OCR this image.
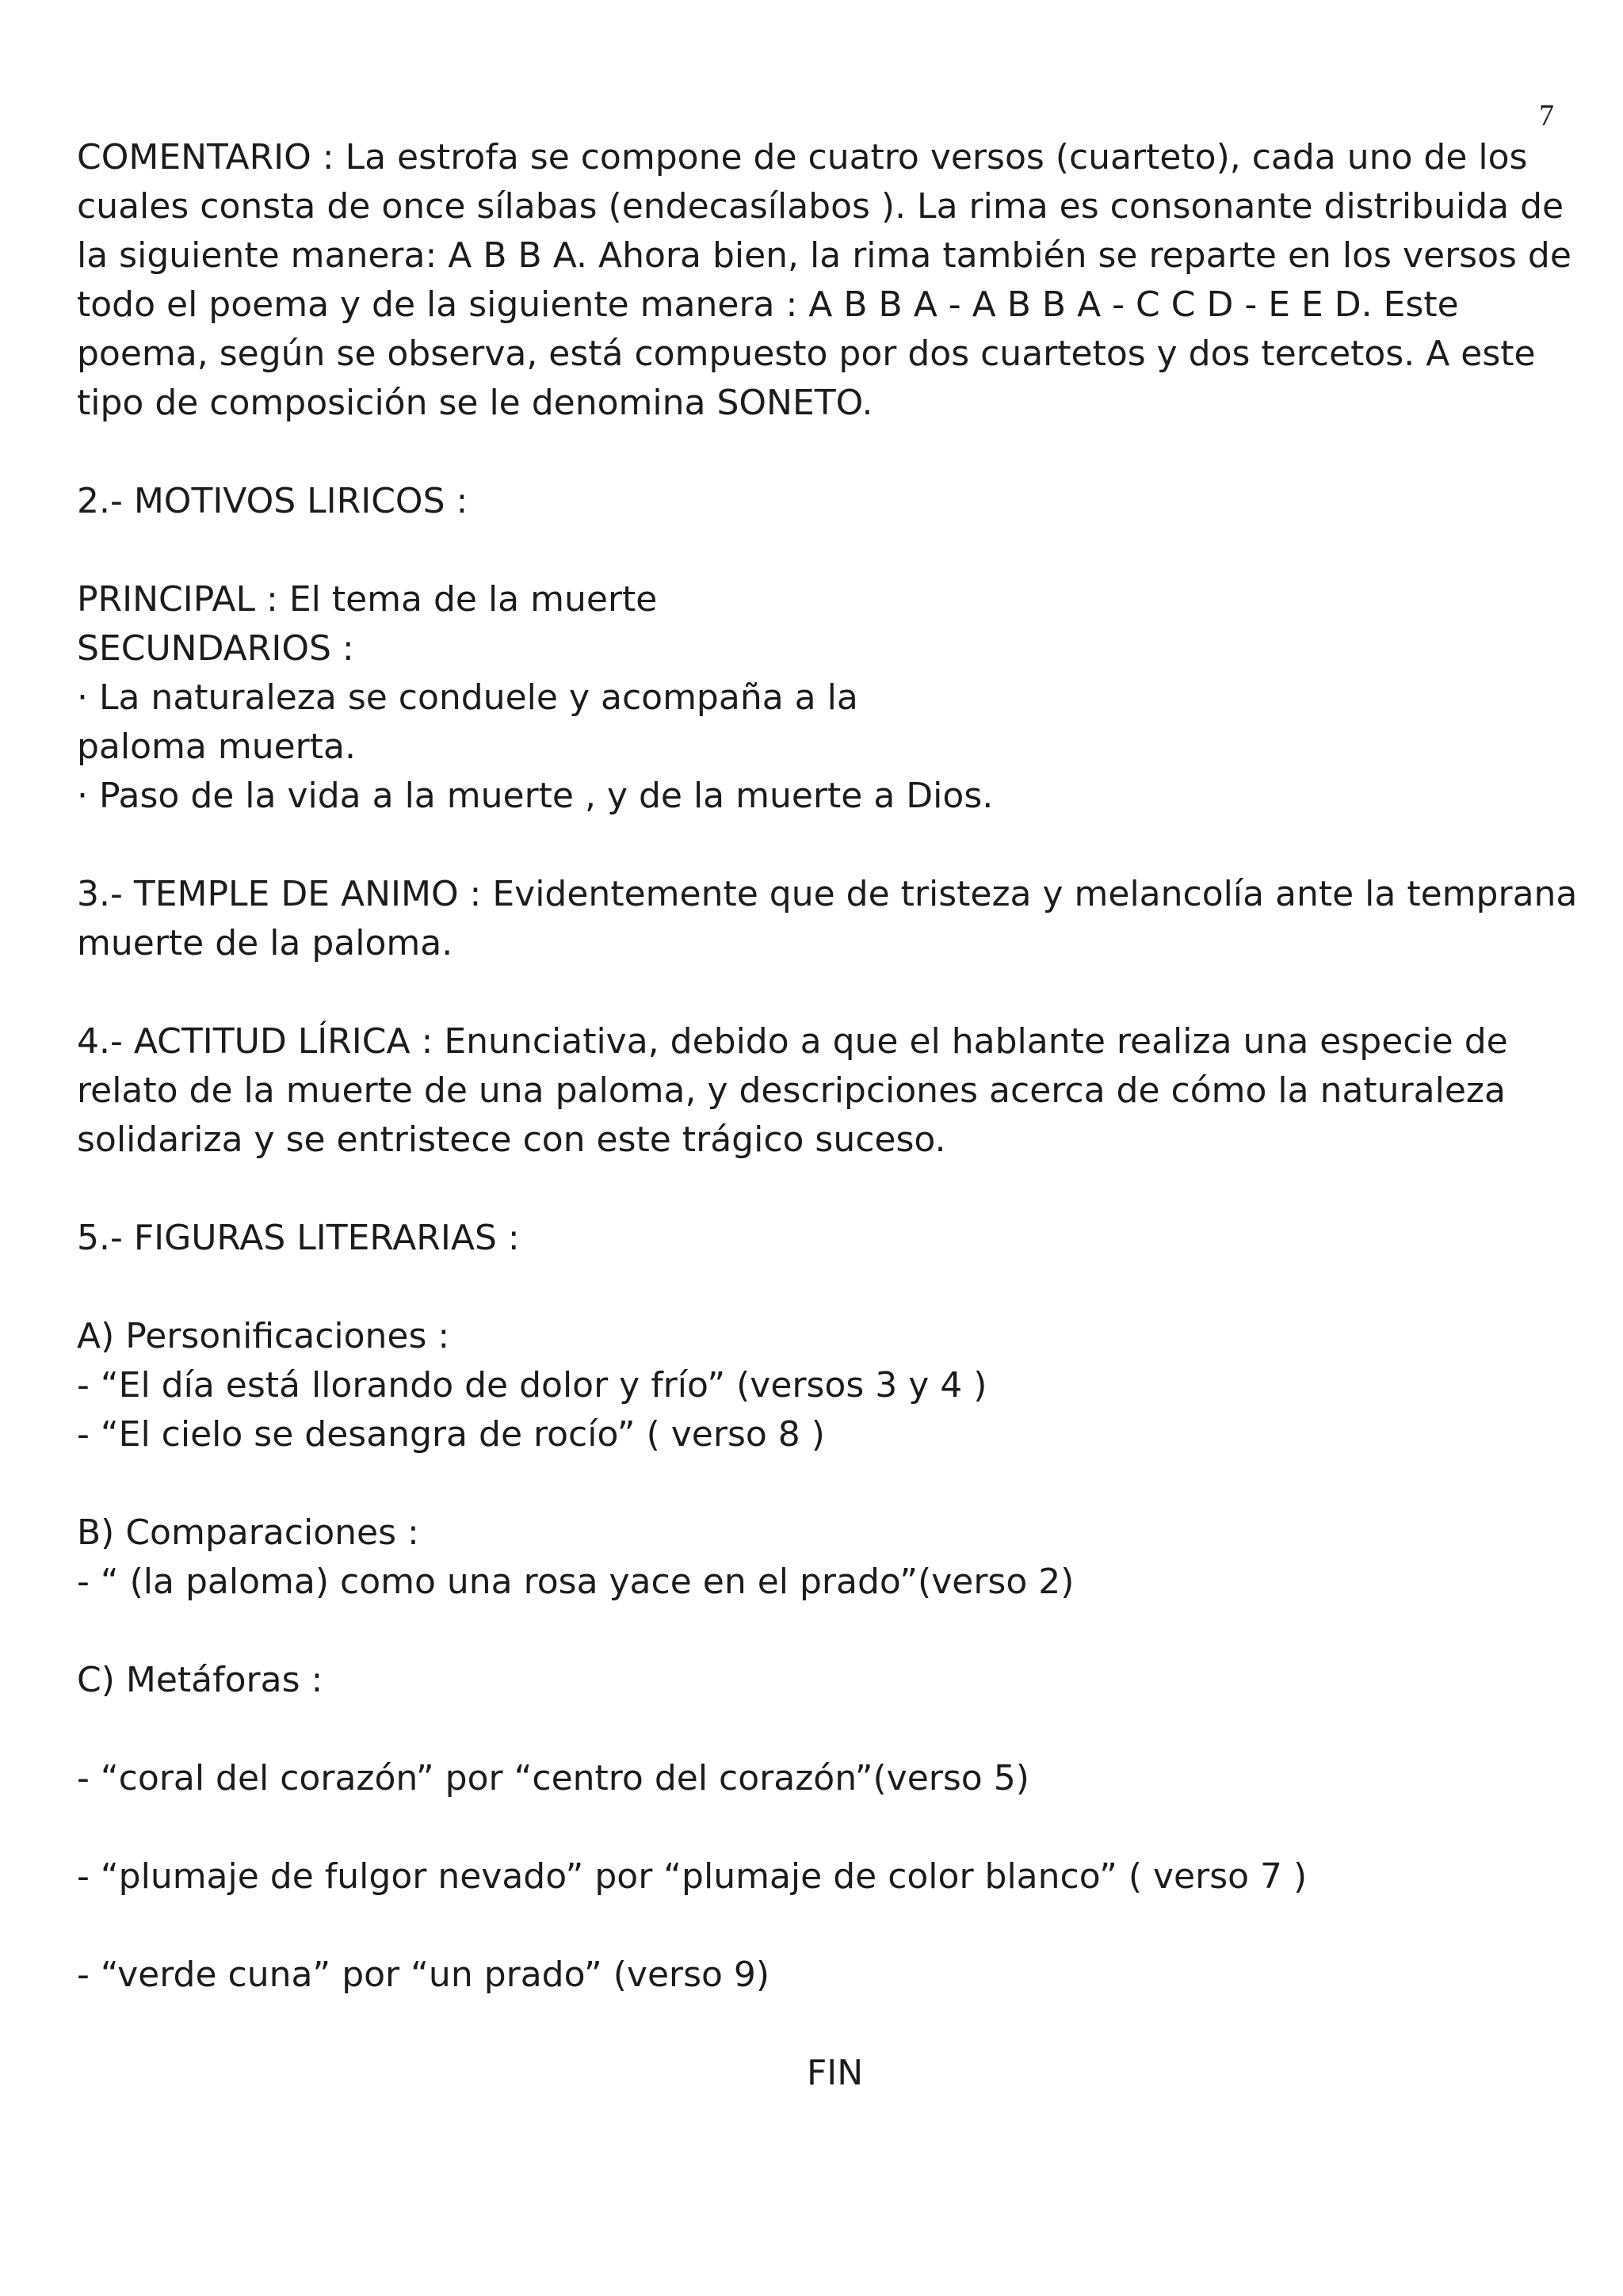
7
COMENTARIO : La estrofa se compone de cuatro versos (cuarteto), cada uno de los
cuales consta de once sílabas (endecasílabos ). La rima es consonante distribuida de
la siguiente manera: A B B A. Ahora bien, la rima también se reparte en los versos de
todo el poema y de la siguiente manera : A B B A - A B B A - C C D - E E D. Este
poema, según se observa, está compuesto por dos cuartetos y dos tercetos. A este
tipo de composición se le denomina SONETO.
2.- MOTIVOS LIRICOS :
PRINCIPAL : El tema de la muerte
SECUNDARIOS :
· La naturaleza se conduele y acompaña a la
paloma muerta.
· Paso de la vida a la muerte , y de la muerte a Dios.
3.- TEMPLE DE ANIMO : Evidentemente que de tristeza y melancolía ante la temprana
muerte de la paloma.
4.- ACTITUD LÍRICA : Enunciativa, debido a que el hablante realiza una especie de
relato de la muerte de una paloma, y descripciones acerca de cómo la naturaleza
solidariza y se entristece con este trágico suceso.
5.- FIGURAS LITERARIAS :
A) Personificaciones :
- “El día está llorando de dolor y frío” (versos 3 y 4 )
- “El cielo se desangra de rocío” ( verso 8 )
B) Comparaciones :
- “ (la paloma) como una rosa yace en el prado”(verso 2)
C) Metáforas :
- “coral del corazón” por “centro del corazón”(verso 5)
- “plumaje de fulgor nevado” por “plumaje de color blanco” ( verso 7 )
- “verde cuna” por “un prado” (verso 9)
FIN
